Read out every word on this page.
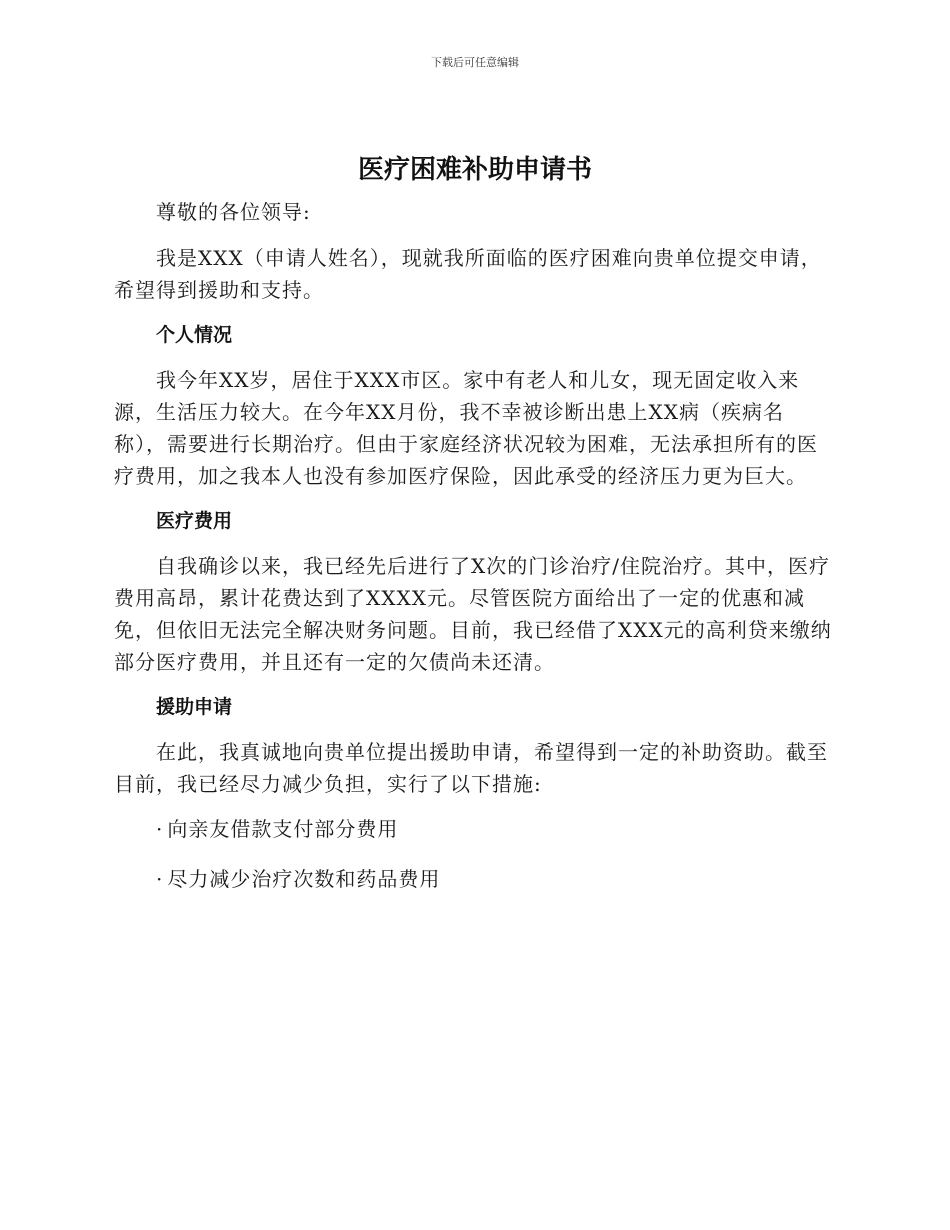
下载后可任意编辑
医疗困难补助申请书

尊敬的各位领导:

我是XXX（申请人姓名），现就我所面临的医疗困难向贵单位提交申请，希望得到援助和支持。

个人情况

我今年XX岁，居住于XXX市区。家中有老人和儿女，现无固定收入来源，生活压力较大。在今年XX月份，我不幸被诊断出患上XX病（疾病名称），需要进行长期治疗。但由于家庭经济状况较为困难，无法承担所有的医疗费用，加之我本人也没有参加医疗保险，因此承受的经济压力更为巨大。

医疗费用

自我确诊以来，我已经先后进行了X次的门诊治疗/住院治疗。其中，医疗费用高昂，累计花费达到了XXXX元。尽管医院方面给出了一定的优惠和减免，但依旧无法完全解决财务问题。目前，我已经借了XXX元的高利贷来缴纳部分医疗费用，并且还有一定的欠债尚未还清。

援助申请

在此，我真诚地向贵单位提出援助申请，希望得到一定的补助资助。截至目前，我已经尽力减少负担，实行了以下措施:

· 向亲友借款支付部分费用
· 尽力减少治疗次数和药品费用
